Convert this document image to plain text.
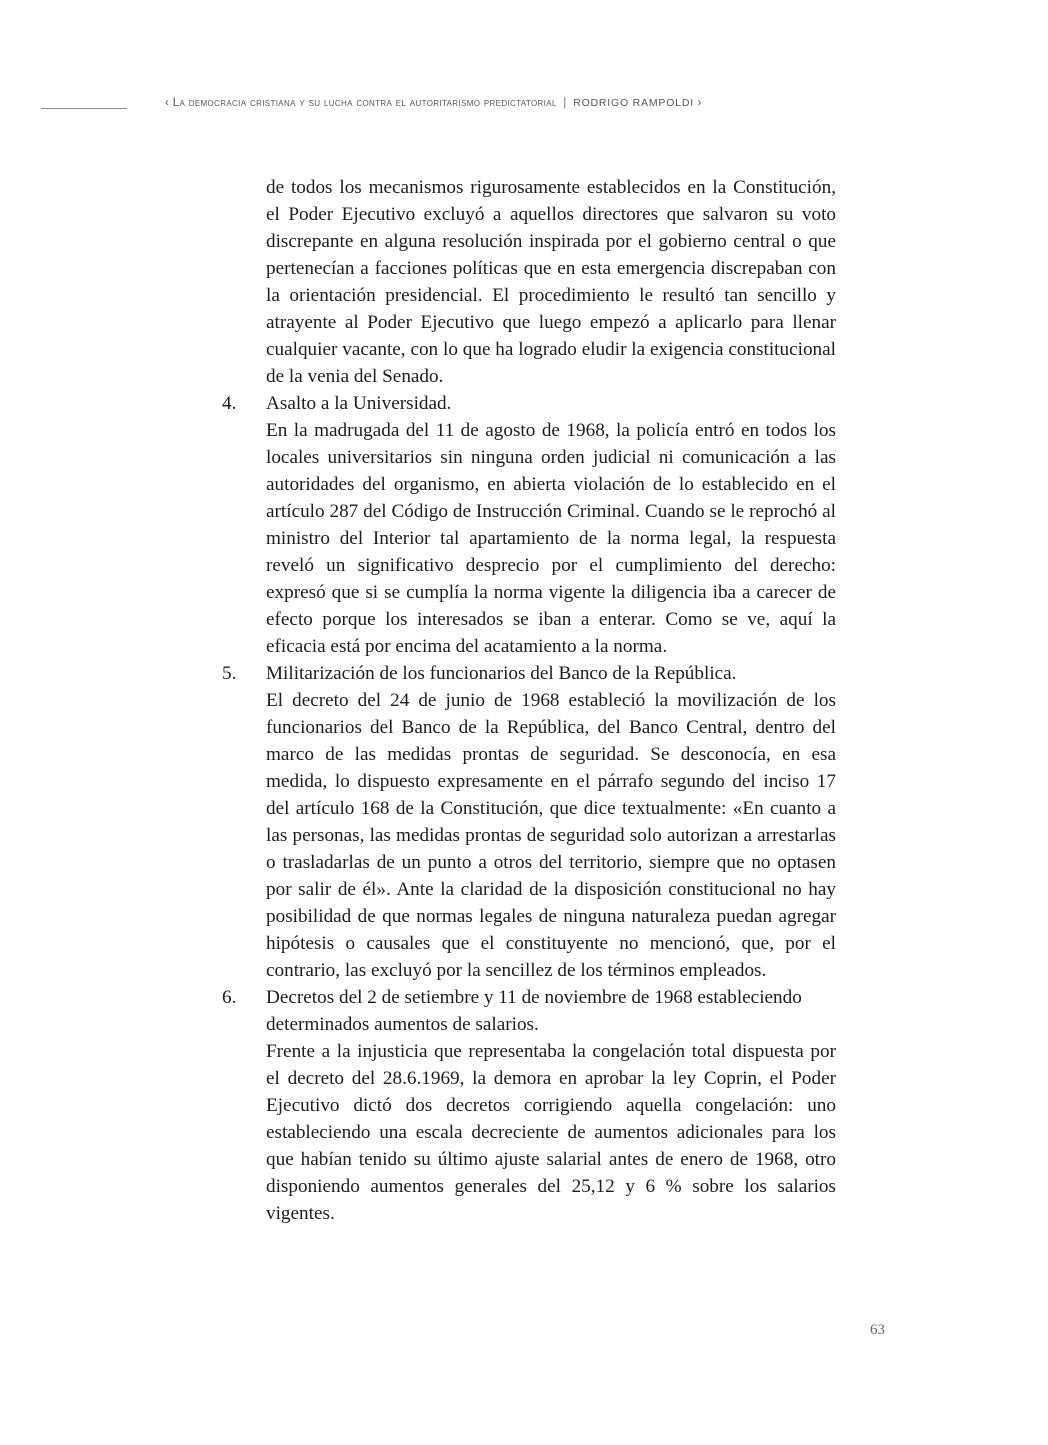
‹ La democracia cristiana y su lucha contra el autoritarismo predictatorial | RODRIGO RAMPOLDI ›

de todos los mecanismos rigurosamente establecidos en la Constitución, el Poder Ejecutivo excluyó a aquellos directores que salvaron su voto discrepante en alguna resolución inspirada por el gobierno central o que pertenecían a facciones políticas que en esta emergencia discrepaban con la orientación presidencial. El procedimiento le resultó tan sencillo y atrayente al Poder Ejecutivo que luego empezó a aplicarlo para llenar cualquier vacante, con lo que ha logrado eludir la exigencia constitucional de la venia del Senado.

4.	Asalto a la Universidad.

En la madrugada del 11 de agosto de 1968, la policía entró en todos los locales universitarios sin ninguna orden judicial ni comunicación a las autoridades del organismo, en abierta violación de lo establecido en el artículo 287 del Código de Instrucción Criminal. Cuando se le reprochó al ministro del Interior tal apartamiento de la norma legal, la respuesta reveló un significativo desprecio por el cumplimiento del derecho: expresó que si se cumplía la norma vigente la diligencia iba a carecer de efecto porque los interesados se iban a enterar. Como se ve, aquí la eficacia está por encima del acatamiento a la norma.

5.	Militarización de los funcionarios del Banco de la República.

El decreto del 24 de junio de 1968 estableció la movilización de los funcionarios del Banco de la República, del Banco Central, dentro del marco de las medidas prontas de seguridad. Se desconocía, en esa medida, lo dispuesto expresamente en el párrafo segundo del inciso 17 del artículo 168 de la Constitución, que dice textualmente: «En cuanto a las personas, las medidas prontas de seguridad solo autorizan a arrestarlas o trasladarlas de un punto a otros del territorio, siempre que no optasen por salir de él». Ante la claridad de la disposición constitucional no hay posibilidad de que normas legales de ninguna naturaleza puedan agregar hipótesis o causales que el constituyente no mencionó, que, por el contrario, las excluyó por la sencillez de los términos empleados.

6.	Decretos del 2 de setiembre y 11 de noviembre de 1968 estableciendo determinados aumentos de salarios.

Frente a la injusticia que representaba la congelación total dispuesta por el decreto del 28.6.1969, la demora en aprobar la ley Coprin, el Poder Ejecutivo dictó dos decretos corrigiendo aquella congelación: uno estableciendo una escala decreciente de aumentos adicionales para los que habían tenido su último ajuste salarial antes de enero de 1968, otro disponiendo aumentos generales del 25,12 y 6 % sobre los salarios vigentes.

63
